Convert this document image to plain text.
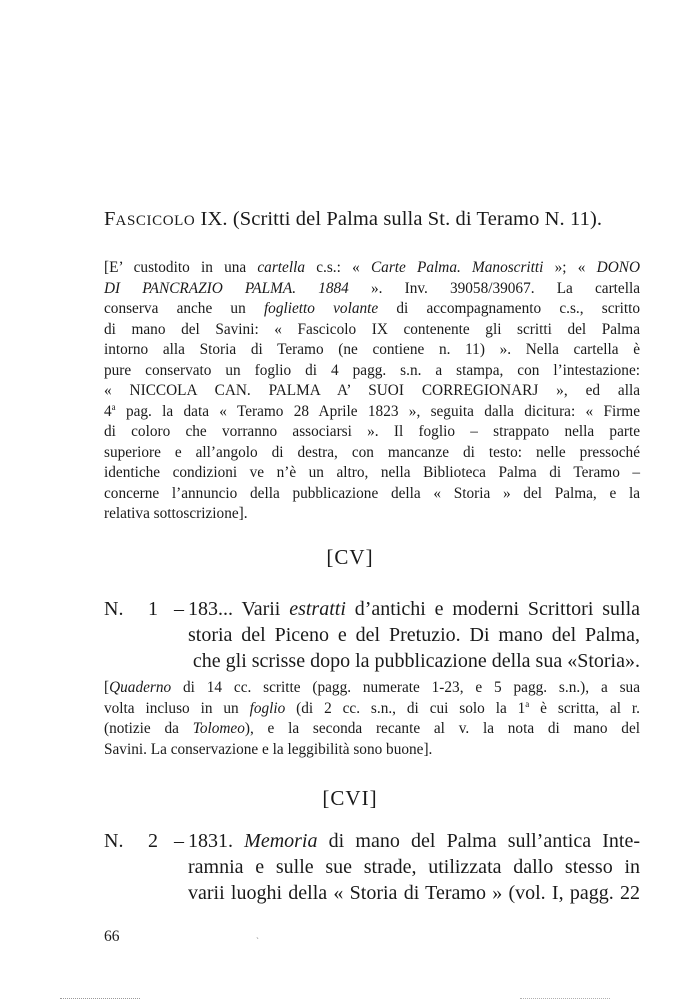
FASCICOLO IX. (Scritti del Palma sulla St. di Teramo N. 11).
[E’ custodito in una cartella c.s.: « Carte Palma. Manoscritti »; « DONO
DI PANCRAZIO PALMA. 1884 ». Inv. 39058/39067. La cartella
conserva anche un foglietto volante di accompagnamento c.s., scritto
di mano del Savini: « Fascicolo IX contenente gli scritti del Palma
intorno alla Storia di Teramo (ne contiene n. 11) ». Nella cartella è
pure conservato un foglio di 4 pagg. s.n. a stampa, con l’intestazione:
« NICCOLA CAN. PALMA A’ SUOI CORREGIONARJ », ed alla
4$^a$ pag. la data « Teramo 28 Aprile 1823 », seguita dalla dicitura: « Firme
di coloro che vorranno associarsi ». Il foglio – strappato nella parte
superiore e all’angolo di destra, con mancanze di testo: nelle pressoché
identiche condizioni ve n’è un altro, nella Biblioteca Palma di Teramo –
concerne l’annuncio della pubblicazione della « Storia » del Palma, e la
relativa sottoscrizione].
[CV]
N. 1 – 183... Varii estratti d’antichi e moderni Scrittori sulla
storia del Piceno e del Pretuzio. Di mano del Palma,
che gli scrisse dopo la pubblicazione della sua «Storia».
[Quaderno di 14 cc. scritte (pagg. numerate 1-23, e 5 pagg. s.n.), a sua
volta incluso in un foglio (di 2 cc. s.n., di cui solo la 1$^a$ è scritta, al r.
(notizie da Tolomeo), e la seconda recante al v. la nota di mano del
Savini. La conservazione e la leggibilità sono buone].
[CVI]
N. 2 – 1831. Memoria di mano del Palma sull’antica Inte-
ramnia e sulle sue strade, utilizzata dallo stesso in
varii luoghi della « Storia di Teramo » (vol. I, pagg. 22
66	`
